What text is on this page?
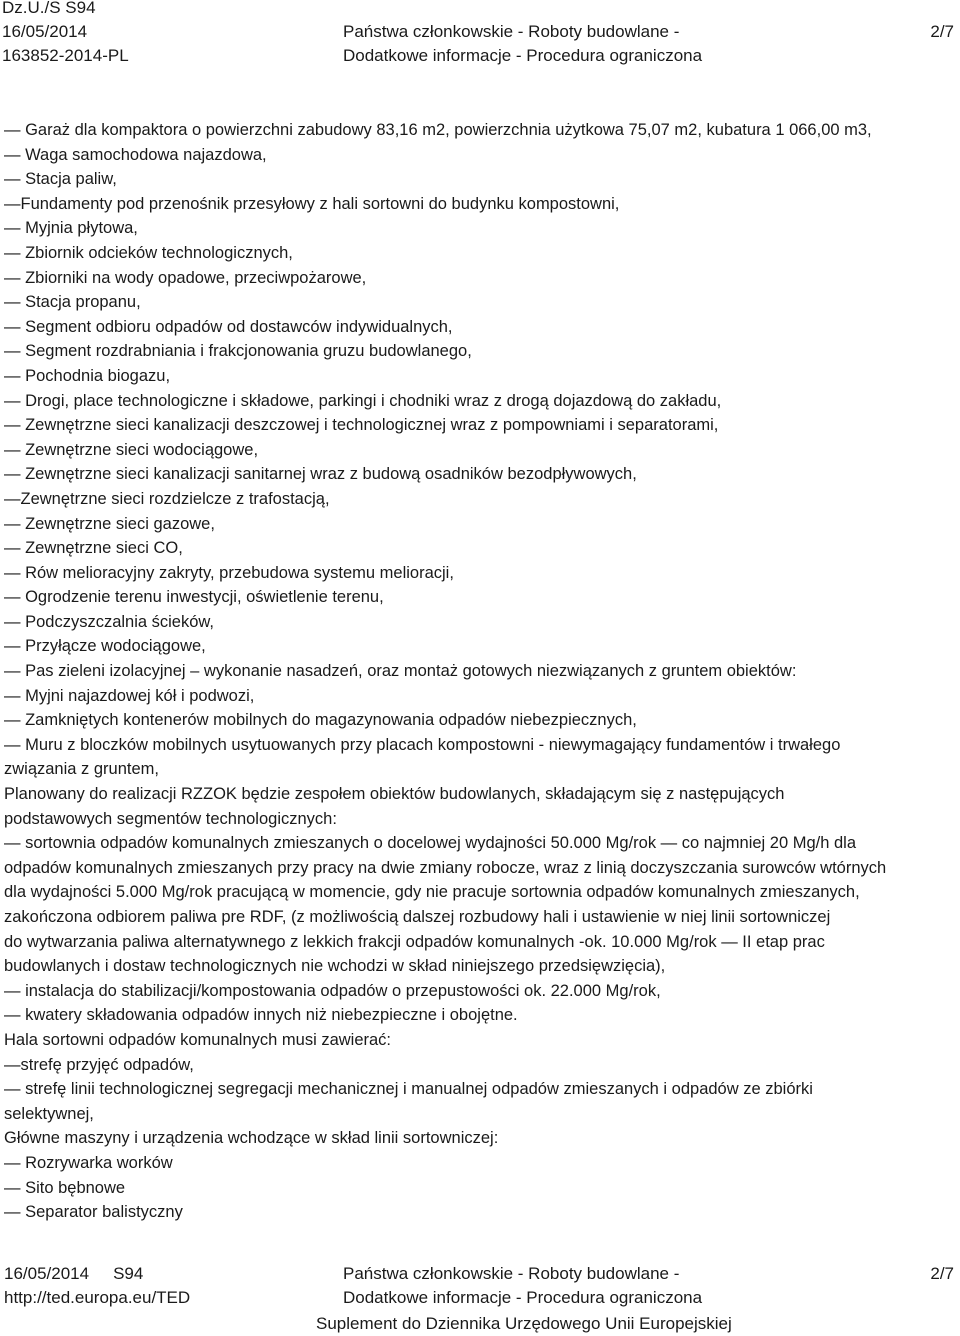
Dz.U./S S94
16/05/2014
163852-2014-PL
Państwa członkowskie - Roboty budowlane -
Dodatkowe informacje - Procedura ograniczona
2/7
— Garaż dla kompaktora o powierzchni zabudowy 83,16 m2, powierzchnia użytkowa 75,07 m2, kubatura 1 066,00 m3,
— Waga samochodowa najazdowa,
— Stacja paliw,
—Fundamenty pod przenośnik przesyłowy z hali sortowni do budynku kompostowni,
— Myjnia płytowa,
— Zbiornik odcieków technologicznych,
— Zbiorniki na wody opadowe, przeciwpożarowe,
— Stacja propanu,
— Segment odbioru odpadów od dostawców indywidualnych,
— Segment rozdrabniania i frakcjonowania gruzu budowlanego,
— Pochodnia biogazu,
— Drogi, place technologiczne i składowe, parkingi i chodniki wraz z drogą dojazdową do zakładu,
— Zewnętrzne sieci kanalizacji deszczowej i technologicznej wraz z pompowniami i separatorami,
— Zewnętrzne sieci wodociągowe,
— Zewnętrzne sieci kanalizacji sanitarnej wraz z budową osadników bezodpływowych,
—Zewnętrzne sieci rozdzielcze z trafostacją,
— Zewnętrzne sieci gazowe,
— Zewnętrzne sieci CO,
— Rów melioracyjny zakryty, przebudowa systemu melioracji,
— Ogrodzenie terenu inwestycji, oświetlenie terenu,
— Podczyszczalnia ścieków,
— Przyłącze wodociągowe,
— Pas zieleni izolacyjnej – wykonanie nasadzeń, oraz montaż gotowych niezwiązanych z gruntem obiektów:
— Myjni najazdowej kół i podwozi,
— Zamkniętych kontenerów mobilnych do magazynowania odpadów niebezpiecznych,
— Muru z bloczków mobilnych usytuowanych przy placach kompostowni - niewymagający fundamentów i trwałego
związania z gruntem,
Planowany do realizacji RZZOK będzie zespołem obiektów budowlanych, składającym się z następujących
podstawowych segmentów technologicznych:
— sortownia odpadów komunalnych zmieszanych o docelowej wydajności 50.000 Mg/rok — co najmniej 20 Mg/h dla
odpadów komunalnych zmieszanych przy pracy na dwie zmiany robocze, wraz z linią doczyszczania surowców wtórnych
dla wydajności 5.000 Mg/rok pracującą w momencie, gdy nie pracuje sortownia odpadów komunalnych zmieszanych,
zakończona odbiorem paliwa pre RDF, (z możliwością dalszej rozbudowy hali i ustawienie w niej linii sortowniczej
do wytwarzania paliwa alternatywnego z lekkich frakcji odpadów komunalnych -ok. 10.000 Mg/rok — II etap prac
budowlanych i dostaw technologicznych nie wchodzi w skład niniejszego przedsięwzięcia),
— instalacja do stabilizacji/kompostowania odpadów o przepustowości ok. 22.000 Mg/rok,
— kwatery składowania odpadów innych niż niebezpieczne i obojętne.
Hala sortowni odpadów komunalnych musi zawierać:
—strefę przyjęć odpadów,
— strefę linii technologicznej segregacji mechanicznej i manualnej odpadów zmieszanych i odpadów ze zbiórki
selektywnej,
Główne maszyny i urządzenia wchodzące w skład linii sortowniczej:
— Rozrywarka worków
— Sito bębnowe
— Separator balistyczny
16/05/2014 S94
http://ted.europa.eu/TED
Państwa członkowskie - Roboty budowlane -
Dodatkowe informacje - Procedura ograniczona
Suplement do Dziennika Urzędowego Unii Europejskiej
2/7
